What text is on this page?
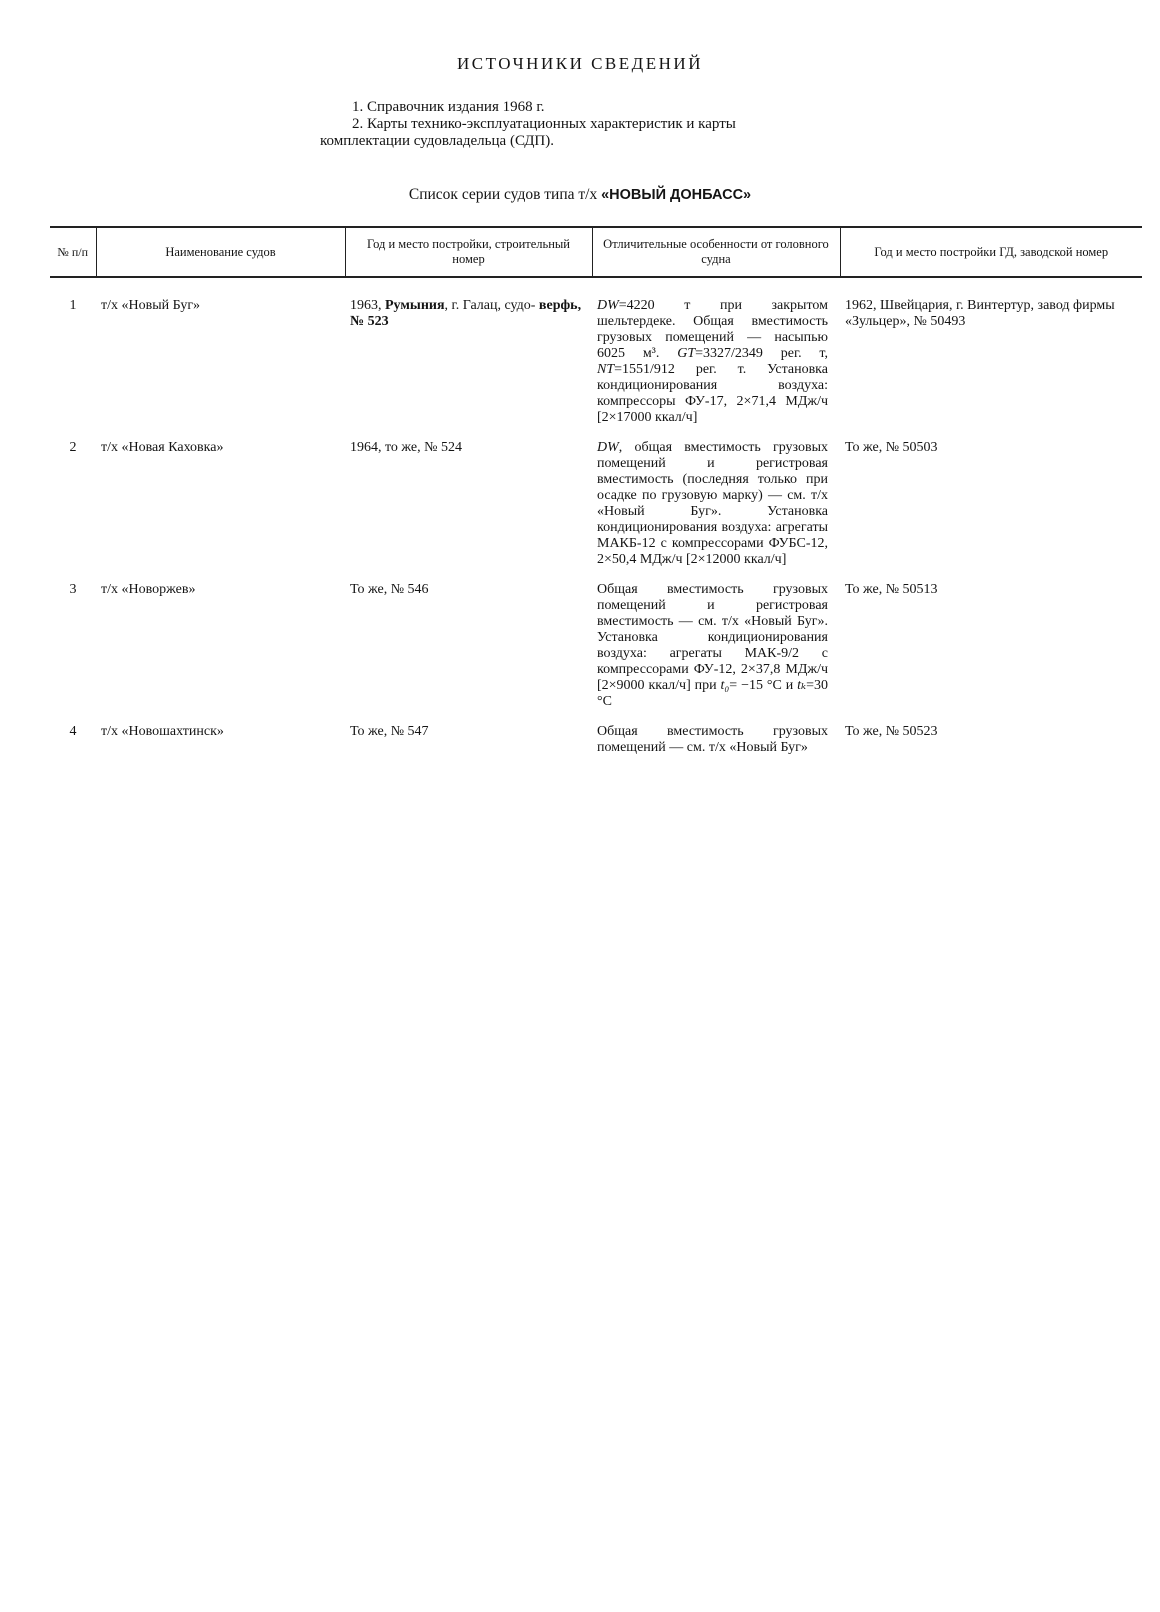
ИСТОЧНИКИ СВЕДЕНИЙ

1. Справочник издания 1968 г.

2. Карты технико-эксплуатационных характеристик и карты

комплектации судовладельца (СДП).

Список серии судов типа т/х «НОВЫЙ ДОНБАСС»
№ п/п	Наименование судов	Год и место постройки, строительный номер	Отличительные особенности от головного судна	Год и место постройки ГД, заводской номер
1	т/х «Новый Буг»	1963, Румыния, г. Галац, судо- верфь, № 523	DW=4220 т при закрытом шельтердеке. Общая вместимость грузовых помещений — насыпью 6025 м³. GT=3327/2349 рег. т, NT=1551/912 рег. т. Установка кондиционирования воздуха: компрессоры ФУ-17, 2×71,4 МДж/ч [2×17000 ккал/ч]	1962, Швейцария, г. Винтертур, завод фирмы «Зульцер», № 50493
2	т/х «Новая Каховка»	1964, то же, № 524	DW, общая вместимость грузовых помещений и регистровая вместимость (последняя только при осадке по грузовую марку) — см. т/х «Новый Буг». Установка кондиционирования воздуха: агрегаты МАКБ-12 с компрессорами ФУБС-12, 2×50,4 МДж/ч [2×12000 ккал/ч]	То же, № 50503
3	т/х «Новоржев»	То же, № 546	Общая вместимость грузовых помещений и регистровая вместимость — см. т/х «Новый Буг». Установка кондиционирования воздуха: агрегаты МАК-9/2 с компрессорами ФУ-12, 2×37,8 МДж/ч [2×9000 ккал/ч] при t₀= −15 °С и tₖ=30 °С	То же, № 50513
4	т/х «Новошахтинск»	То же, № 547	Общая вместимость грузовых помещений — см. т/х «Новый Буг»	То же, № 50523
